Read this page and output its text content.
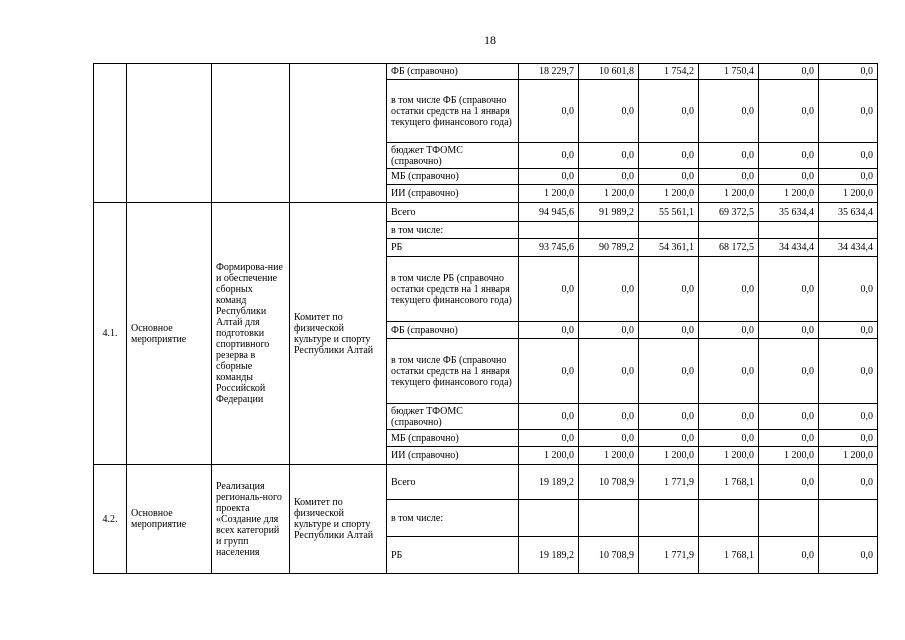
18
				ФБ (справочно)	18 229,7	10 601,8	1 754,2	1 750,4	0,0	0,0
				в том числе ФБ (справочно остатки средств на 1 января текущего финансового года)	0,0	0,0	0,0	0,0	0,0	0,0
				бюджет ТФОМС (справочно)	0,0	0,0	0,0	0,0	0,0	0,0
				МБ (справочно)	0,0	0,0	0,0	0,0	0,0	0,0
				ИИ (справочно)	1 200,0	1 200,0	1 200,0	1 200,0	1 200,0	1 200,0
4.1.	Основное мероприятие	Формирова-ние и обеспечение сборных команд Республики Алтай для подготовки спортивного резерва в сборные команды Российской Федерации	Комитет по физической культуре и спорту Республики Алтай	Всего	94 945,6	91 989,2	55 561,1	69 372,5	35 634,4	35 634,4
				в том числе:						
				РБ	93 745,6	90 789,2	54 361,1	68 172,5	34 434,4	34 434,4
				в том числе РБ (справочно остатки средств на 1 января текущего финансового года)	0,0	0,0	0,0	0,0	0,0	0,0
				ФБ (справочно)	0,0	0,0	0,0	0,0	0,0	0,0
				в том числе ФБ (справочно остатки средств на 1 января текущего финансового года)	0,0	0,0	0,0	0,0	0,0	0,0
				бюджет ТФОМС (справочно)	0,0	0,0	0,0	0,0	0,0	0,0
				МБ (справочно)	0,0	0,0	0,0	0,0	0,0	0,0
				ИИ (справочно)	1 200,0	1 200,0	1 200,0	1 200,0	1 200,0	1 200,0
4.2.	Основное мероприятие	Реализация региональ-ного проекта «Создание для всех категорий и групп населения	Комитет по физической культуре и спорту Республики Алтай	Всего	19 189,2	10 708,9	1 771,9	1 768,1	0,0	0,0
				в том числе:						
				РБ	19 189,2	10 708,9	1 771,9	1 768,1	0,0	0,0
